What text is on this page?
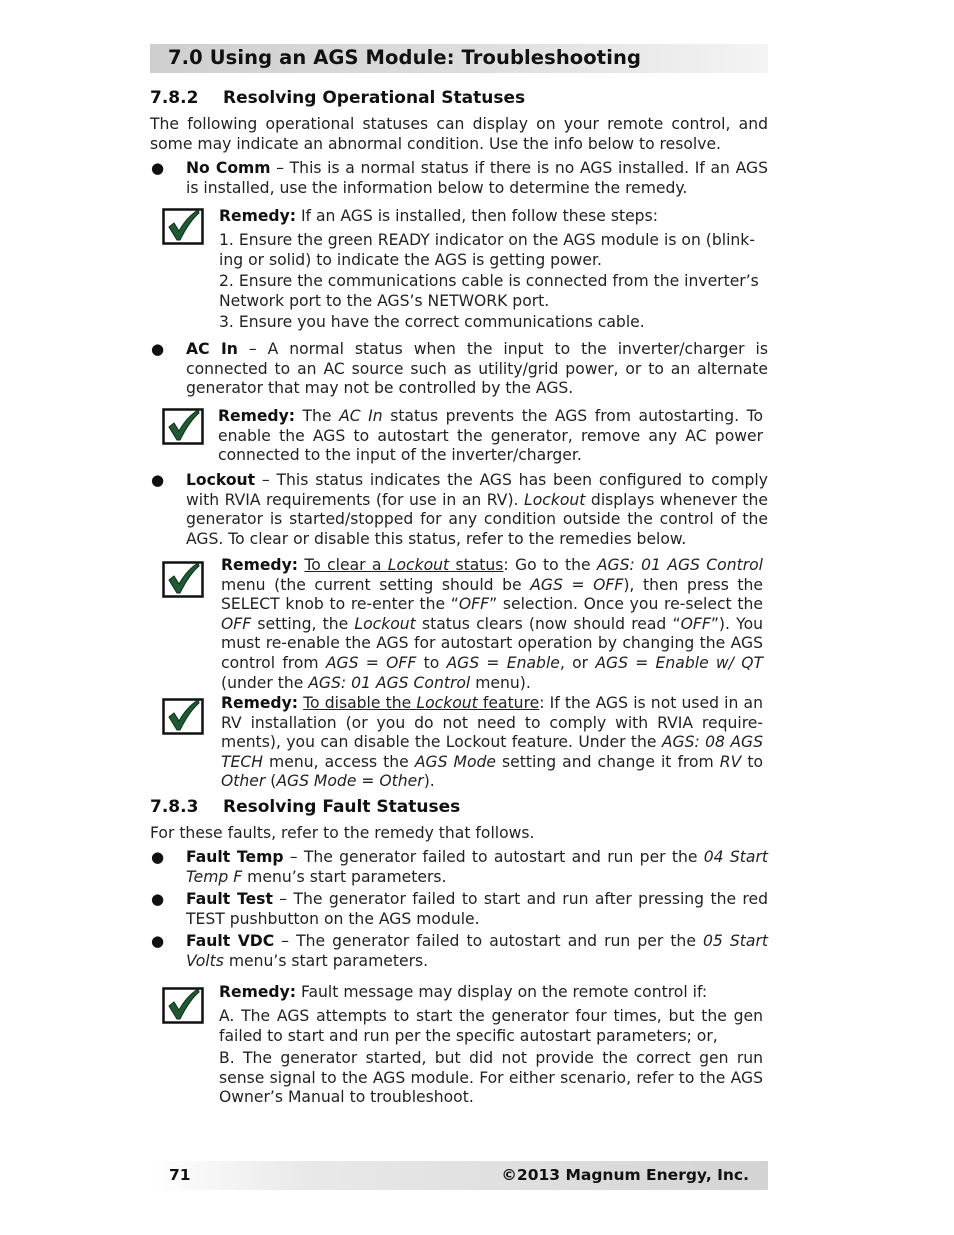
7.0 Using an AGS Module: Troubleshooting
7.8.2 Resolving Operational Statuses
The following operational statuses can display on your remote control, and some may indicate an abnormal condition. Use the info below to resolve.
● No Comm – This is a normal status if there is no AGS installed. If an AGS is installed, use the information below to determine the remedy.
Remedy: If an AGS is installed, then follow these steps:
1. Ensure the green READY indicator on the AGS module is on (blink-ing or solid) to indicate the AGS is getting power.
2. Ensure the communications cable is connected from the inverter’s Network port to the AGS’s NETWORK port.
3. Ensure you have the correct communications cable.
● AC In – A normal status when the input to the inverter/charger is connected to an AC source such as utility/grid power, or to an alternate generator that may not be controlled by the AGS.
Remedy: The AC In status prevents the AGS from autostarting. To enable the AGS to autostart the generator, remove any AC power connected to the input of the inverter/charger.
● Lockout – This status indicates the AGS has been configured to comply with RVIA requirements (for use in an RV). Lockout displays whenever the generator is started/stopped for any condition outside the control of the AGS. To clear or disable this status, refer to the remedies below.
Remedy: To clear a Lockout status: Go to the AGS: 01 AGS Control menu (the current setting should be AGS = OFF), then press the SELECT knob to re-enter the “OFF” selection. Once you re-select the OFF setting, the Lockout status clears (now should read “OFF”). You must re-enable the AGS for autostart operation by changing the AGS control from AGS = OFF to AGS = Enable, or AGS = Enable w/ QT (under the AGS: 01 AGS Control menu).
Remedy: To disable the Lockout feature: If the AGS is not used in an RV installation (or you do not need to comply with RVIA require-ments), you can disable the Lockout feature. Under the AGS: 08 AGS TECH menu, access the AGS Mode setting and change it from RV to Other (AGS Mode = Other).
7.8.3 Resolving Fault Statuses
For these faults, refer to the remedy that follows.
● Fault Temp – The generator failed to autostart and run per the 04 Start Temp F menu’s start parameters.
● Fault Test – The generator failed to start and run after pressing the red TEST pushbutton on the AGS module.
● Fault VDC – The generator failed to autostart and run per the 05 Start Volts menu’s start parameters.
Remedy: Fault message may display on the remote control if:
A. The AGS attempts to start the generator four times, but the gen failed to start and run per the specific autostart parameters; or,
B. The generator started, but did not provide the correct gen run sense signal to the AGS module. For either scenario, refer to the AGS Owner’s Manual to troubleshoot.
71	©2013 Magnum Energy, Inc.
